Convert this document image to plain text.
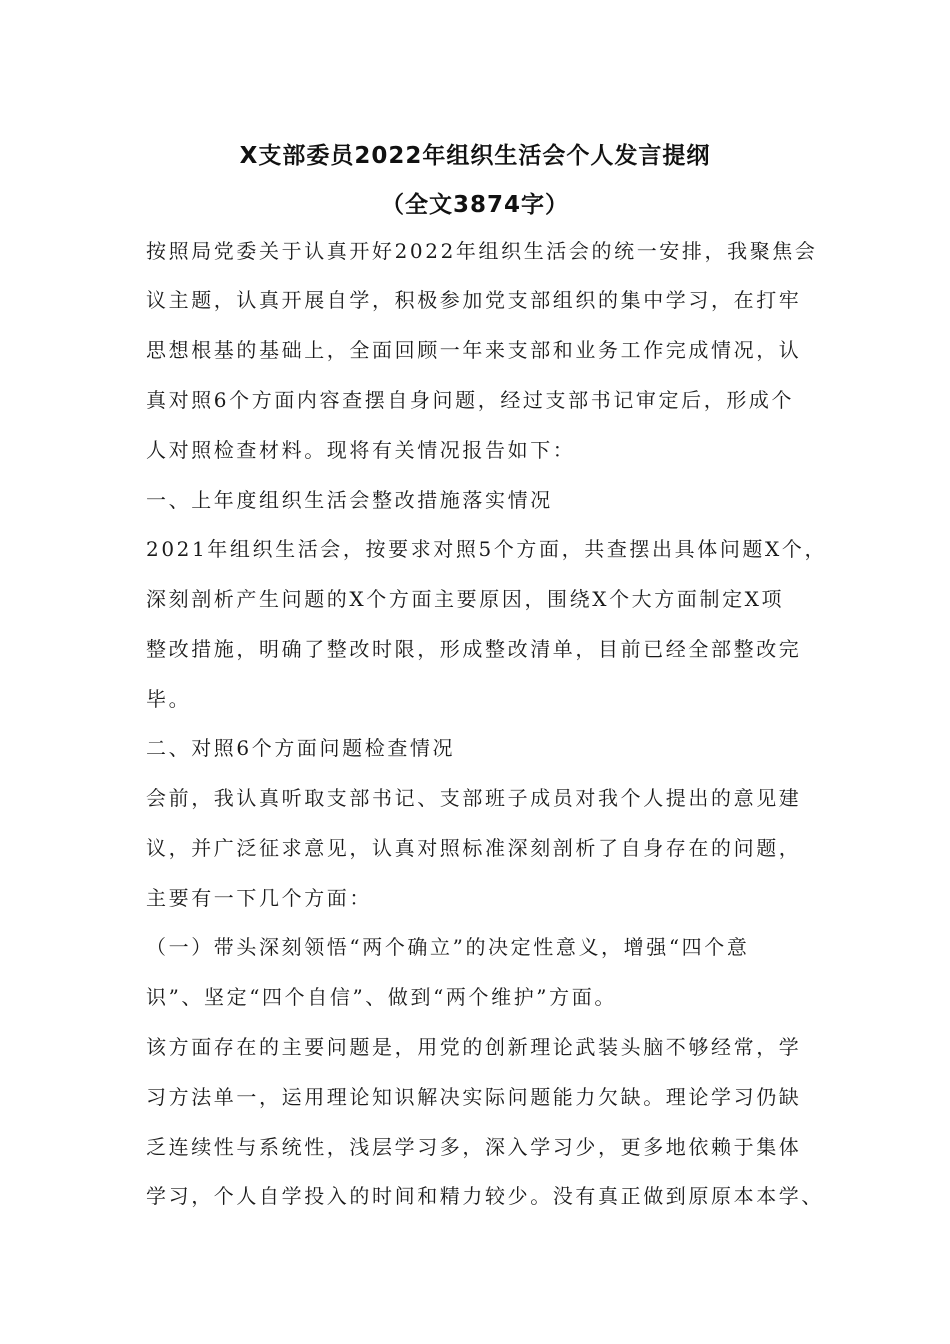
X支部委员2022年组织生活会个人发言提纲
（全文3874字）
按照局党委关于认真开好2022年组织生活会的统一安排，我聚焦会
议主题，认真开展自学，积极参加党支部组织的集中学习，在打牢
思想根基的基础上，全面回顾一年来支部和业务工作完成情况，认
真对照6个方面内容查摆自身问题，经过支部书记审定后，形成个
人对照检查材料。现将有关情况报告如下：
一、上年度组织生活会整改措施落实情况
2021年组织生活会，按要求对照5个方面，共查摆出具体问题X个，
深刻剖析产生问题的X个方面主要原因，围绕X个大方面制定X项
整改措施，明确了整改时限，形成整改清单，目前已经全部整改完
毕。
二、对照6个方面问题检查情况
会前，我认真听取支部书记、支部班子成员对我个人提出的意见建
议，并广泛征求意见，认真对照标准深刻剖析了自身存在的问题，
主要有一下几个方面：
（一）带头深刻领悟“两个确立”的决定性意义，增强“四个意
识”、坚定“四个自信”、做到“两个维护”方面。
该方面存在的主要问题是，用党的创新理论武装头脑不够经常，学
习方法单一，运用理论知识解决实际问题能力欠缺。理论学习仍缺
乏连续性与系统性，浅层学习多，深入学习少，更多地依赖于集体
学习，个人自学投入的时间和精力较少。没有真正做到原原本本学、
